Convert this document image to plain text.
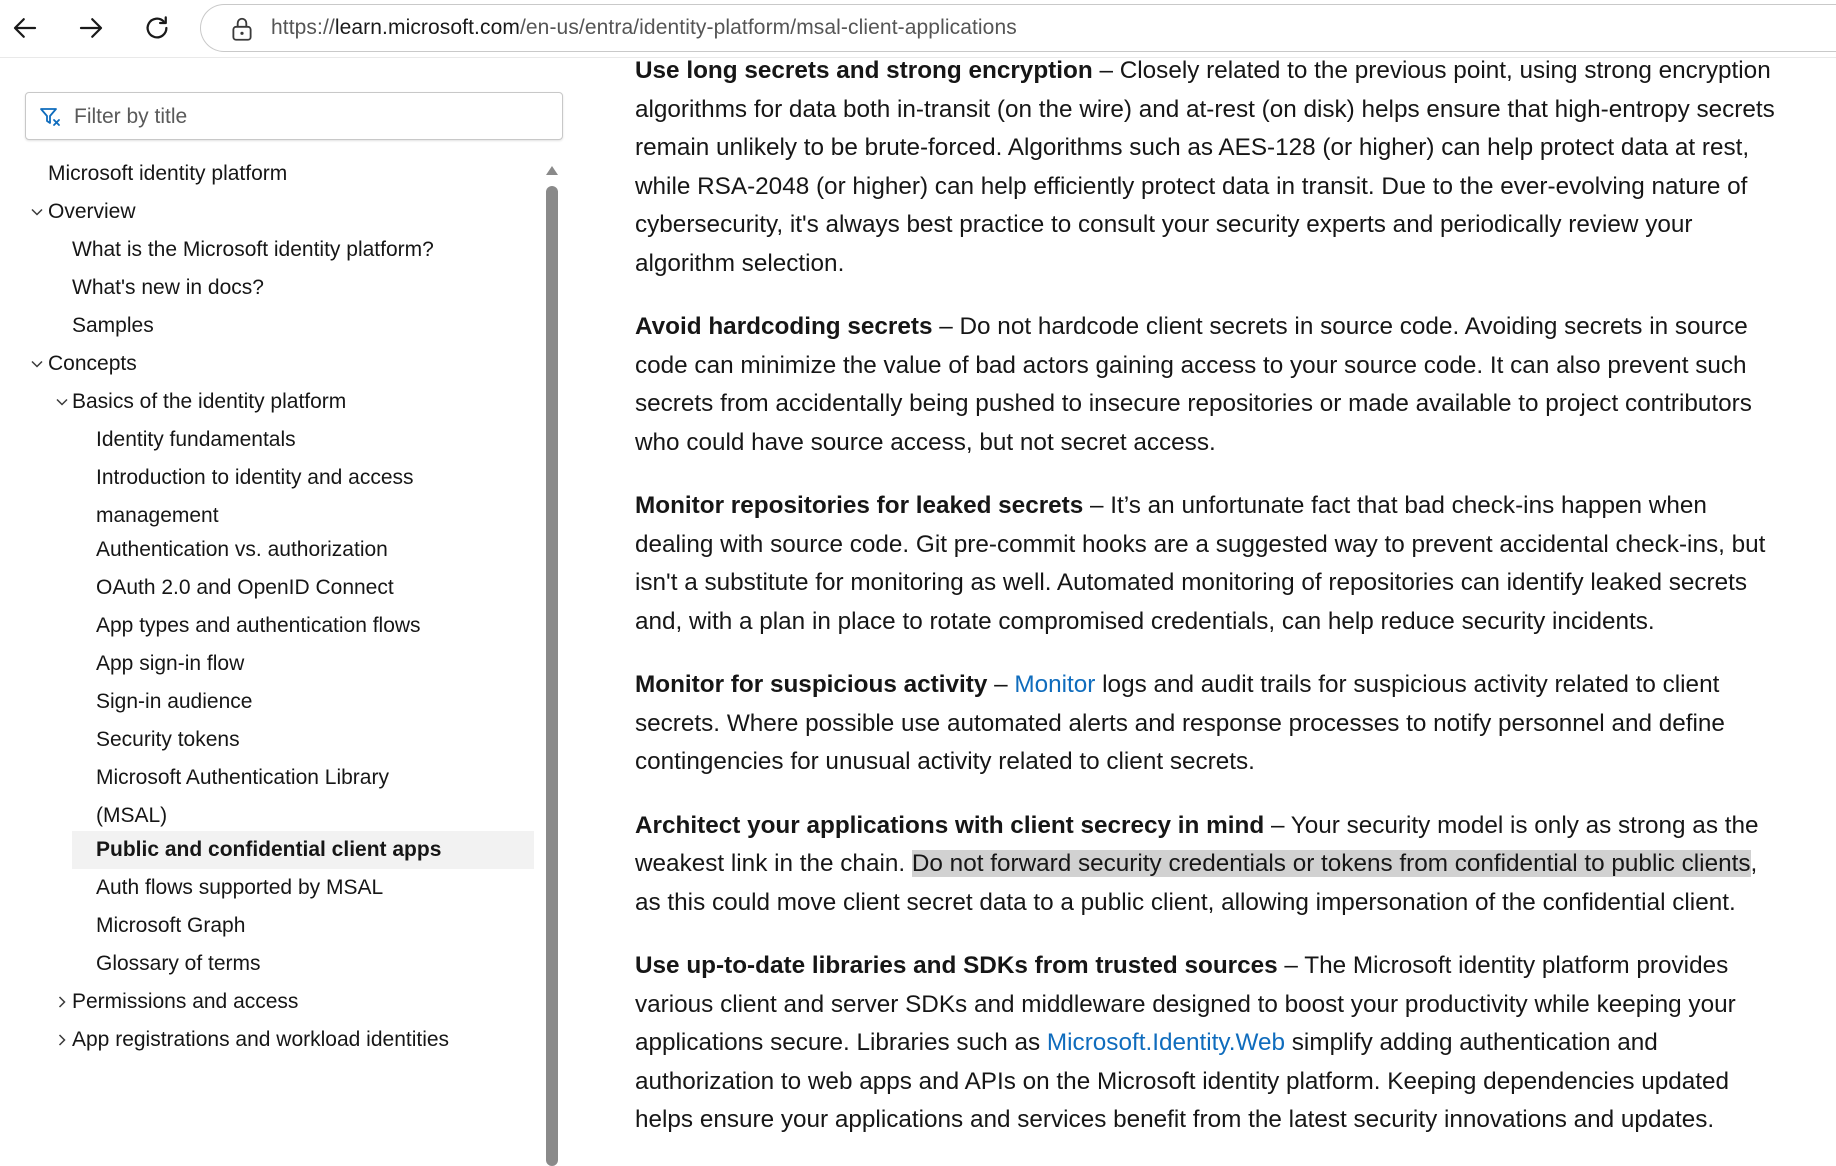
https://learn.microsoft.com/en-us/entra/identity-platform/msal-client-applications
Filter by title
Microsoft identity platform
Overview
What is the Microsoft identity platform?
What's new in docs?
Samples
Concepts
Basics of the identity platform
Identity fundamentals
Introduction to identity and access management
Authentication vs. authorization
OAuth 2.0 and OpenID Connect
App types and authentication flows
App sign-in flow
Sign-in audience
Security tokens
Microsoft Authentication Library (MSAL)
Public and confidential client apps
Auth flows supported by MSAL
Microsoft Graph
Glossary of terms
Permissions and access
App registrations and workload identities

Use long secrets and strong encryption – Closely related to the previous point, using strong encryption algorithms for data both in-transit (on the wire) and at-rest (on disk) helps ensure that high-entropy secrets remain unlikely to be brute-forced. Algorithms such as AES-128 (or higher) can help protect data at rest, while RSA-2048 (or higher) can help efficiently protect data in transit. Due to the ever-evolving nature of cybersecurity, it's always best practice to consult your security experts and periodically review your algorithm selection.

Avoid hardcoding secrets – Do not hardcode client secrets in source code. Avoiding secrets in source code can minimize the value of bad actors gaining access to your source code. It can also prevent such secrets from accidentally being pushed to insecure repositories or made available to project contributors who could have source access, but not secret access.

Monitor repositories for leaked secrets – It’s an unfortunate fact that bad check-ins happen when dealing with source code. Git pre-commit hooks are a suggested way to prevent accidental check-ins, but isn't a substitute for monitoring as well. Automated monitoring of repositories can identify leaked secrets and, with a plan in place to rotate compromised credentials, can help reduce security incidents.

Monitor for suspicious activity – Monitor logs and audit trails for suspicious activity related to client secrets. Where possible use automated alerts and response processes to notify personnel and define contingencies for unusual activity related to client secrets.

Architect your applications with client secrecy in mind – Your security model is only as strong as the weakest link in the chain. Do not forward security credentials or tokens from confidential to public clients, as this could move client secret data to a public client, allowing impersonation of the confidential client.

Use up-to-date libraries and SDKs from trusted sources – The Microsoft identity platform provides various client and server SDKs and middleware designed to boost your productivity while keeping your applications secure. Libraries such as Microsoft.Identity.Web simplify adding authentication and authorization to web apps and APIs on the Microsoft identity platform. Keeping dependencies updated helps ensure your applications and services benefit from the latest security innovations and updates.
